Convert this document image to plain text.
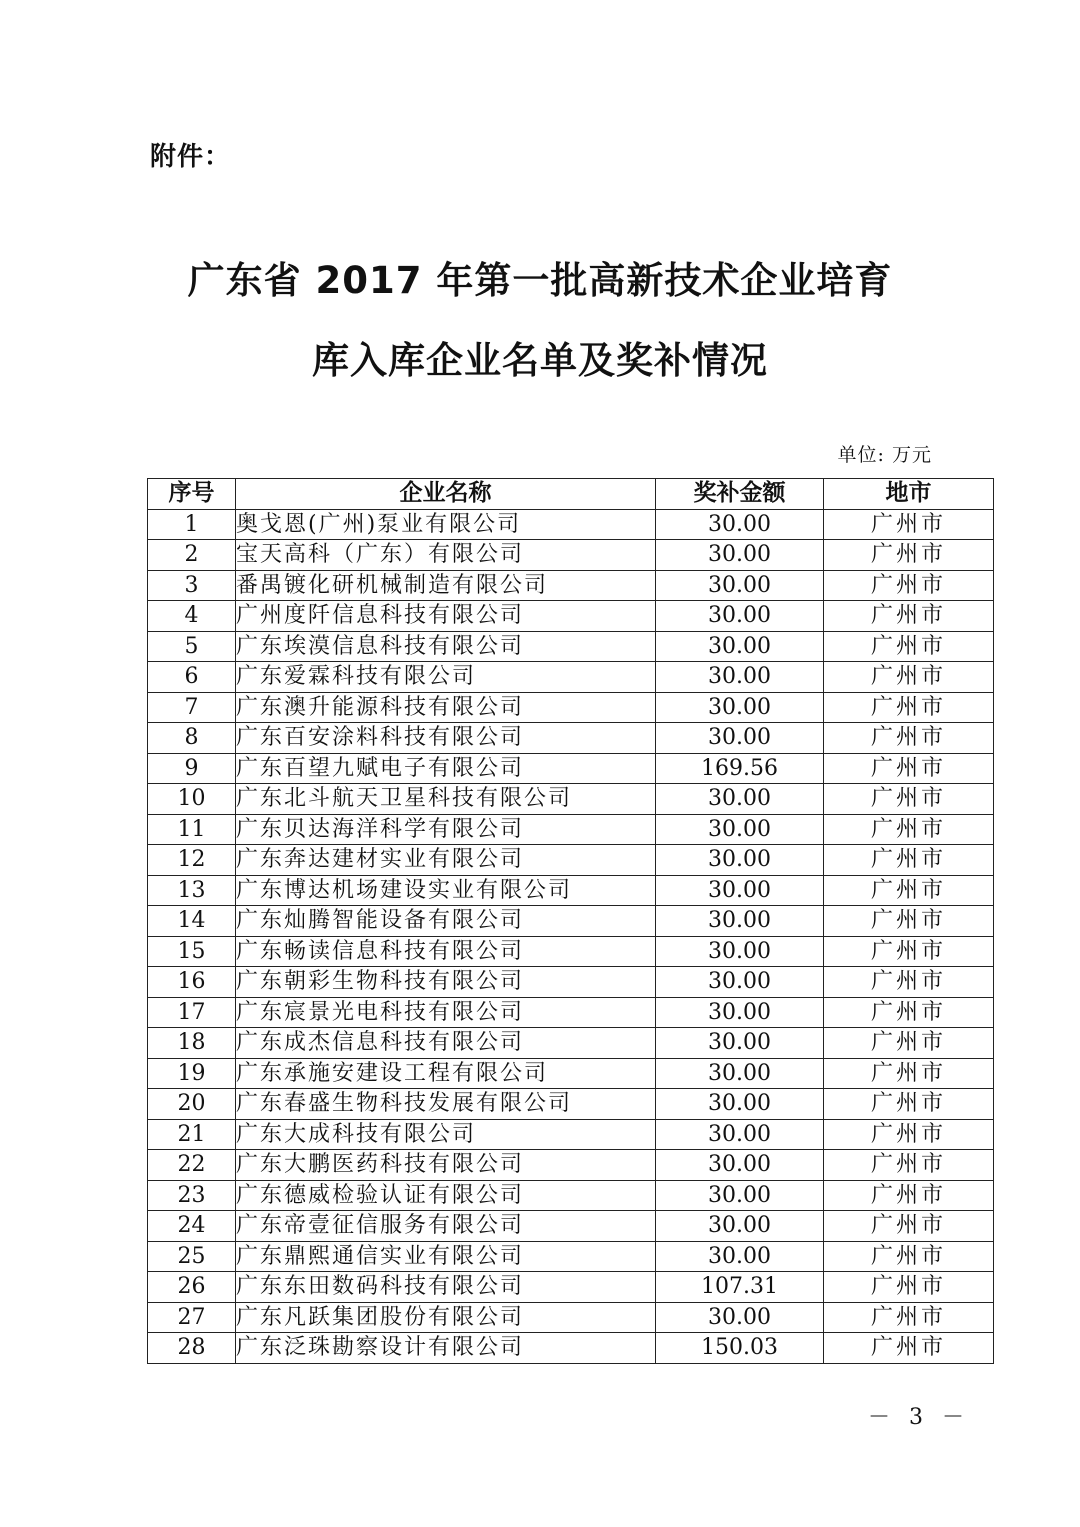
附件：
广东省 2017 年第一批高新技术企业培育
库入库企业名单及奖补情况
单位: 万元
序号	企业名称	奖补金额	地市
1	奥戈恩(广州)泵业有限公司	30.00	广州市
2	宝天高科（广东）有限公司	30.00	广州市
3	番禺镀化研机械制造有限公司	30.00	广州市
4	广州度阡信息科技有限公司	30.00	广州市
5	广东埃漠信息科技有限公司	30.00	广州市
6	广东爱霖科技有限公司	30.00	广州市
7	广东澳升能源科技有限公司	30.00	广州市
8	广东百安涂料科技有限公司	30.00	广州市
9	广东百望九赋电子有限公司	169.56	广州市
10	广东北斗航天卫星科技有限公司	30.00	广州市
11	广东贝达海洋科学有限公司	30.00	广州市
12	广东奔达建材实业有限公司	30.00	广州市
13	广东博达机场建设实业有限公司	30.00	广州市
14	广东灿腾智能设备有限公司	30.00	广州市
15	广东畅读信息科技有限公司	30.00	广州市
16	广东朝彩生物科技有限公司	30.00	广州市
17	广东宸景光电科技有限公司	30.00	广州市
18	广东成杰信息科技有限公司	30.00	广州市
19	广东承施安建设工程有限公司	30.00	广州市
20	广东春盛生物科技发展有限公司	30.00	广州市
21	广东大成科技有限公司	30.00	广州市
22	广东大鹏医药科技有限公司	30.00	广州市
23	广东德威检验认证有限公司	30.00	广州市
24	广东帝壹征信服务有限公司	30.00	广州市
25	广东鼎熙通信实业有限公司	30.00	广州市
26	广东东田数码科技有限公司	107.31	广州市
27	广东凡跃集团股份有限公司	30.00	广州市
28	广东泛珠勘察设计有限公司	150.03	广州市
－ 3 －
